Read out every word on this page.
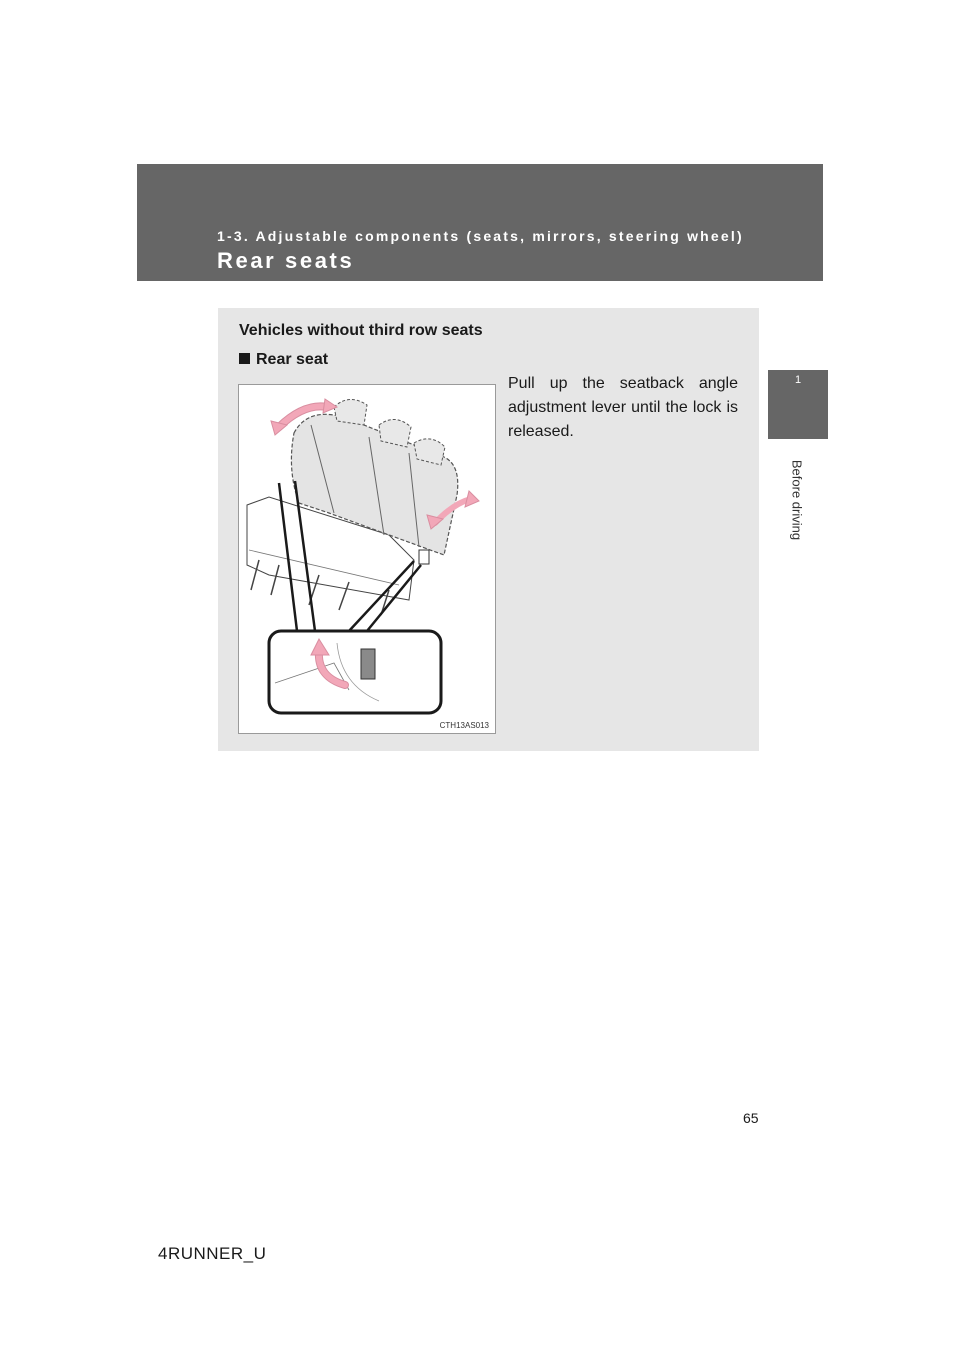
1-3. Adjustable components (seats, mirrors, steering wheel)

Rear seats
1
Before driving

Vehicles without third row seats

Rear seat
CTH13AS013

Pull up the seatback angle adjustment lever until the lock is released.

65
4RUNNER_U
